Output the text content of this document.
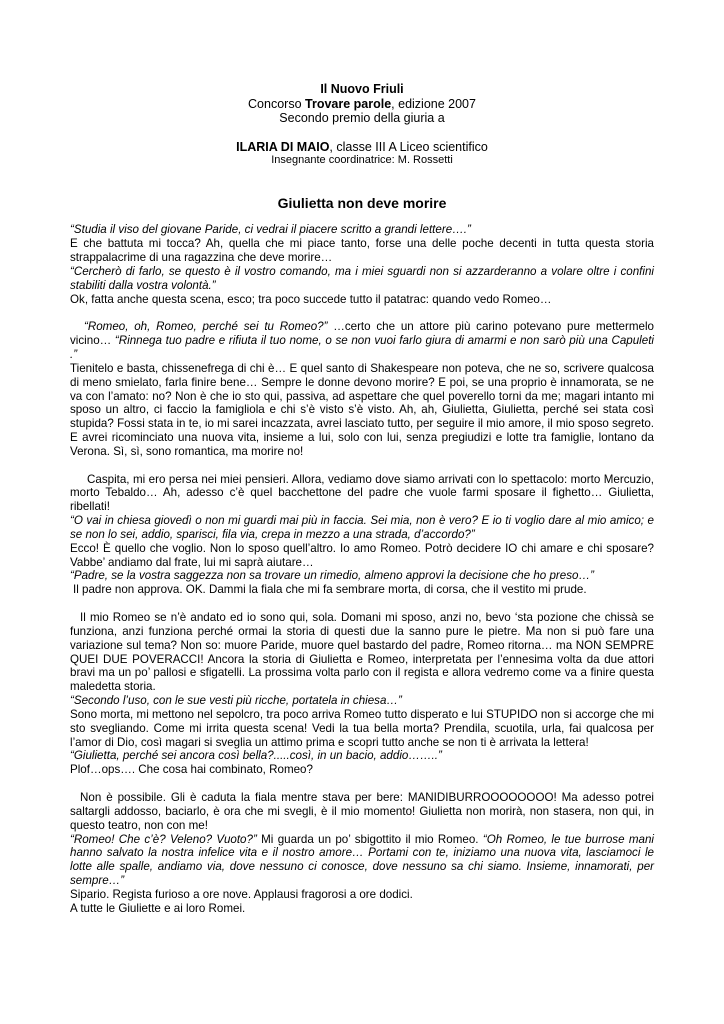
Il Nuovo Friuli
Concorso Trovare parole, edizione 2007
Secondo premio della giuria a
ILARIA DI MAIO, classe III A Liceo scientifico
Insegnante coordinatrice: M. Rossetti
Giulietta non deve morire

“Studia il viso del giovane Paride, ci vedrai il piacere scritto a grandi lettere….”

E che battuta mi tocca? Ah, quella che mi piace tanto, forse una delle poche decenti in tutta questa storia strappalacrime di una ragazzina che deve morire…

“Cercherò di farlo, se questo è il vostro comando, ma i miei sguardi non si azzarderanno a volare oltre i confini stabiliti dalla vostra volontà.”

Ok, fatta anche questa scena, esco; tra poco succede tutto il patatrac: quando vedo Romeo…

“Romeo, oh, Romeo, perché sei tu Romeo?” …certo che un attore più carino potevano pure mettermelo vicino… “Rinnega tuo padre e rifiuta il tuo nome, o se non vuoi farlo giura di amarmi e non sarò più una Capuleti .”

Tienitelo e basta, chissenefrega di chi è… E quel santo di Shakespeare non poteva, che ne so, scrivere qualcosa di meno smielato, farla finire bene… Sempre le donne devono morire? E poi, se una proprio è innamorata, se ne va con l’amato: no? Non è che io sto qui, passiva, ad aspettare che quel poverello torni da me; magari intanto mi sposo un altro, ci faccio la famigliola e chi s’è visto s’è visto. Ah, ah, Giulietta, Giulietta, perché sei stata così stupida? Fossi stata in te, io mi sarei incazzata, avrei lasciato tutto, per seguire il mio amore, il mio sposo segreto. E avrei ricominciato una nuova vita, insieme a lui, solo con lui, senza pregiudizi e lotte tra famiglie, lontano da Verona. Sì, sì, sono romantica, ma morire no!

Caspita, mi ero persa nei miei pensieri. Allora, vediamo dove siamo arrivati con lo spettacolo: morto Mercuzio, morto Tebaldo… Ah, adesso c’è quel bacchettone del padre che vuole farmi sposare il fighetto… Giulietta, ribellati!

“O vai in chiesa giovedì o non mi guardi mai più in faccia. Sei mia, non è vero? E io ti voglio dare al mio amico; e se non lo sei, addio, sparisci, fila via, crepa in mezzo a una strada, d’accordo?”

Ecco! È quello che voglio. Non lo sposo quell’altro. Io amo Romeo. Potrò decidere IO chi amare e chi sposare? Vabbe’ andiamo dal frate, lui mi saprà aiutare…

“Padre, se la vostra saggezza non sa trovare un rimedio, almeno approvi la decisione che ho preso…”

Il padre non approva. OK. Dammi la fiala che mi fa sembrare morta, di corsa, che il vestito mi prude.

Il mio Romeo se n’è andato ed io sono qui, sola. Domani mi sposo, anzi no, bevo ‘sta pozione che chissà se funziona, anzi funziona perché ormai la storia di questi due la sanno pure le pietre. Ma non si può fare una variazione sul tema? Non so: muore Paride, muore quel bastardo del padre, Romeo ritorna… ma NON SEMPRE QUEI DUE POVERACCI! Ancora la storia di Giulietta e Romeo, interpretata per l’ennesima volta da due attori bravi ma un po’ pallosi e sfigatelli. La prossima volta parlo con il regista e allora vedremo come va a finire questa maledetta storia.

“Secondo l’uso, con le sue vesti più ricche, portatela in chiesa…”

Sono morta, mi mettono nel sepolcro, tra poco arriva Romeo tutto disperato e lui STUPIDO non si accorge che mi sto svegliando. Come mi irrita questa scena! Vedi la tua bella morta? Prendila, scuotila, urla, fai qualcosa per l’amor di Dio, così magari si sveglia un attimo prima e scopri tutto anche se non ti è arrivata la lettera!

“Giulietta, perché sei ancora così bella?.....così, in un bacio, addio……..”

Plof…ops…. Che cosa hai combinato, Romeo?

Non è possibile. Gli è caduta la fiala mentre stava per bere: MANIDIBURROOOOOOOO! Ma adesso potrei saltargli addosso, baciarlo, è ora che mi svegli, è il mio momento! Giulietta non morirà, non stasera, non qui, in questo teatro, non con me!

“Romeo! Che c’è? Veleno? Vuoto?” Mi guarda un po’ sbigottito il mio Romeo. “Oh Romeo, le tue burrose mani hanno salvato la nostra infelice vita e il nostro amore… Portami con te, iniziamo una nuova vita, lasciamoci le lotte alle spalle, andiamo via, dove nessuno ci conosce, dove nessuno sa chi siamo. Insieme, innamorati, per sempre…”

Sipario. Regista furioso a ore nove. Applausi fragorosi a ore dodici.

A tutte le Giuliette e ai loro Romei.
